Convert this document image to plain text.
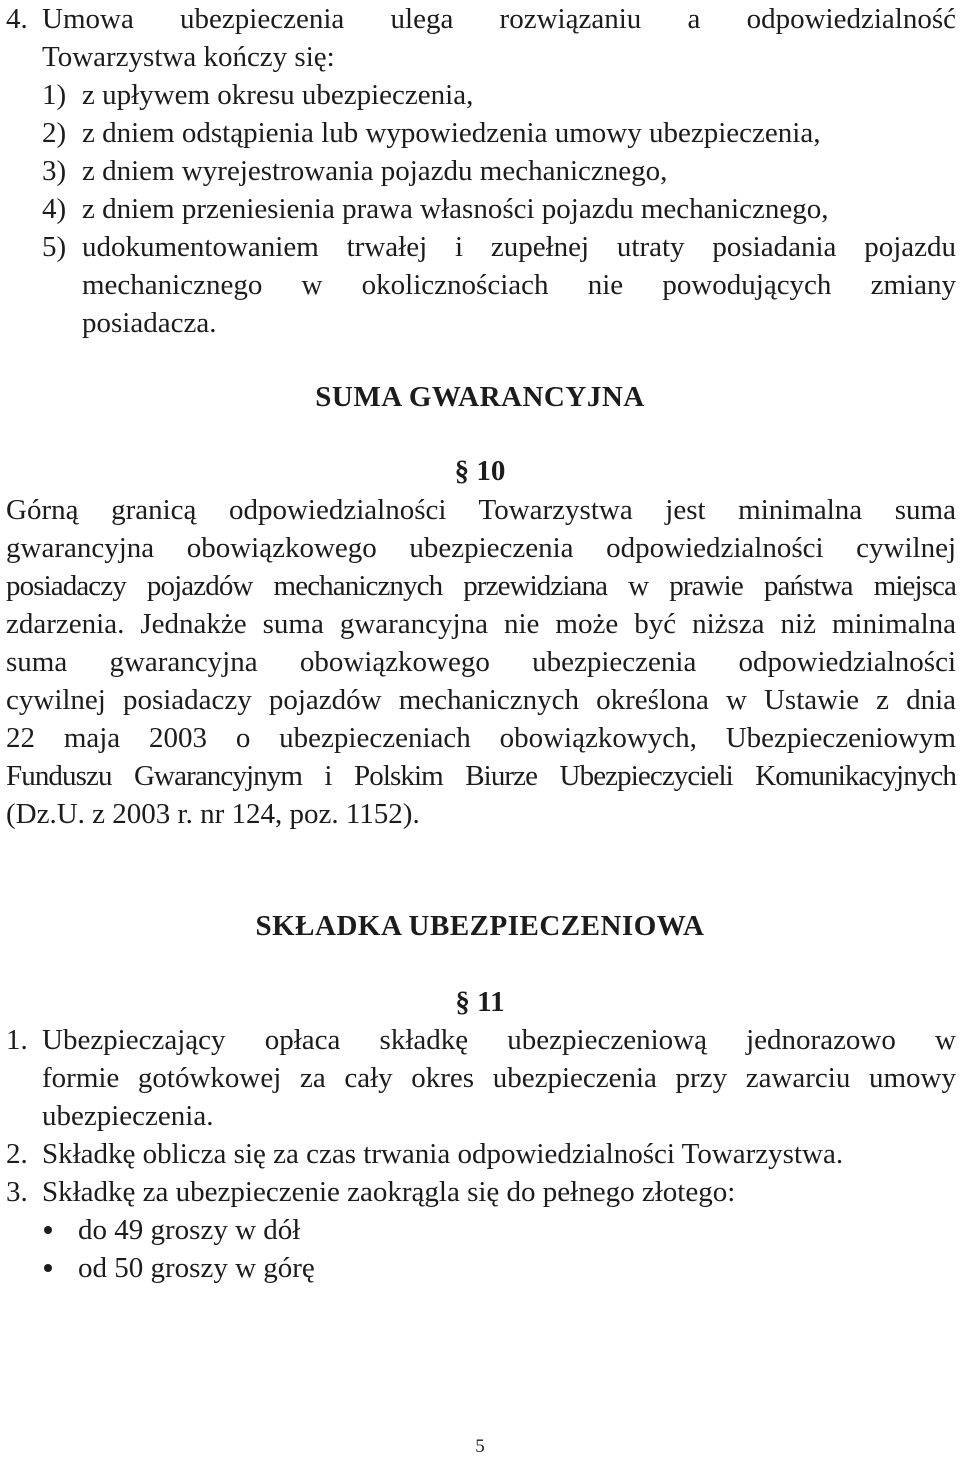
4. Umowa ubezpieczenia ulega rozwiązaniu a odpowiedzialność
Towarzystwa kończy się:
1) z upływem okresu ubezpieczenia,
2) z dniem odstąpienia lub wypowiedzenia umowy ubezpieczenia,
3) z dniem wyrejestrowania pojazdu mechanicznego,
4) z dniem przeniesienia prawa własności pojazdu mechanicznego,
5) udokumentowaniem trwałej i zupełnej utraty posiadania pojazdu
mechanicznego w okolicznościach nie powodujących zmiany
posiadacza.
SUMA GWARANCYJNA
§ 10
Górną granicą odpowiedzialności Towarzystwa jest minimalna suma
gwarancyjna obowiązkowego ubezpieczenia odpowiedzialności cywilnej
posiadaczy pojazdów mechanicznych przewidziana w prawie państwa miejsca
zdarzenia. Jednakże suma gwarancyjna nie może być niższa niż minimalna
suma gwarancyjna obowiązkowego ubezpieczenia odpowiedzialności
cywilnej posiadaczy pojazdów mechanicznych określona w Ustawie z dnia
22 maja 2003 o ubezpieczeniach obowiązkowych, Ubezpieczeniowym
Funduszu Gwarancyjnym i Polskim Biurze Ubezpieczycieli Komunikacyjnych
(Dz.U. z 2003 r. nr 124, poz. 1152).
SKŁADKA UBEZPIECZENIOWA
§ 11
1. Ubezpieczający opłaca składkę ubezpieczeniową jednorazowo w
formie gotówkowej za cały okres ubezpieczenia przy zawarciu umowy
ubezpieczenia.
2. Składkę oblicza się za czas trwania odpowiedzialności Towarzystwa.
3. Składkę za ubezpieczenie zaokrągla się do pełnego złotego:
do 49 groszy w dół
od 50 groszy w górę
5
